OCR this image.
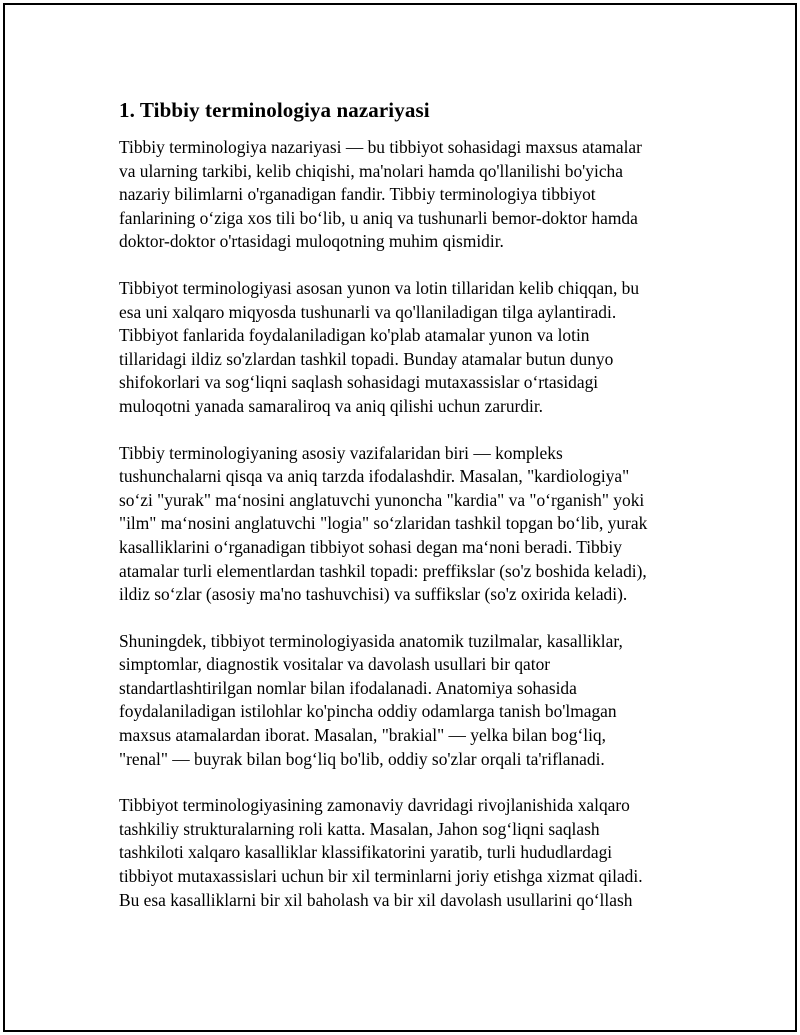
1. Tibbiy terminologiya nazariyasi

Tibbiy terminologiya nazariyasi — bu tibbiyot sohasidagi maxsus atamalar
va ularning tarkibi, kelib chiqishi, ma'nolari hamda qo'llanilishi bo'yicha
nazariy bilimlarni o'rganadigan fandir. Tibbiy terminologiya tibbiyot
fanlarining o‘ziga xos tili bo‘lib, u aniq va tushunarli bemor-doktor hamda
doktor-doktor o'rtasidagi muloqotning muhim qismidir.

Tibbiyot terminologiyasi asosan yunon va lotin tillaridan kelib chiqqan, bu
esa uni xalqaro miqyosda tushunarli va qo'llaniladigan tilga aylantiradi.
Tibbiyot fanlarida foydalaniladigan ko'plab atamalar yunon va lotin
tillaridagi ildiz so'zlardan tashkil topadi. Bunday atamalar butun dunyo
shifokorlari va sog‘liqni saqlash sohasidagi mutaxassislar o‘rtasidagi
muloqotni yanada samaraliroq va aniq qilishi uchun zarurdir.

Tibbiy terminologiyaning asosiy vazifalaridan biri — kompleks
tushunchalarni qisqa va aniq tarzda ifodalashdir. Masalan, "kardiologiya"
so‘zi "yurak" ma‘nosini anglatuvchi yunoncha "kardia" va "o‘rganish" yoki
"ilm" ma‘nosini anglatuvchi "logia" so‘zlaridan tashkil topgan bo‘lib, yurak
kasalliklarini o‘rganadigan tibbiyot sohasi degan ma‘noni beradi. Tibbiy
atamalar turli elementlardan tashkil topadi: preffikslar (so'z boshida keladi),
ildiz so‘zlar (asosiy ma'no tashuvchisi) va suffikslar (so'z oxirida keladi).

Shuningdek, tibbiyot terminologiyasida anatomik tuzilmalar, kasalliklar,
simptomlar, diagnostik vositalar va davolash usullari bir qator
standartlashtirilgan nomlar bilan ifodalanadi. Anatomiya sohasida
foydalaniladigan istilohlar ko'pincha oddiy odamlarga tanish bo'lmagan
maxsus atamalardan iborat. Masalan, "brakial" — yelka bilan bog‘liq,
"renal" — buyrak bilan bog‘liq bo'lib, oddiy so'zlar orqali ta'riflanadi.

Tibbiyot terminologiyasining zamonaviy davridagi rivojlanishida xalqaro
tashkiliy strukturalarning roli katta. Masalan, Jahon sog‘liqni saqlash
tashkiloti xalqaro kasalliklar klassifikatorini yaratib, turli hududlardagi
tibbiyot mutaxassislari uchun bir xil terminlarni joriy etishga xizmat qiladi.
Bu esa kasalliklarni bir xil baholash va bir xil davolash usullarini qo‘llash
